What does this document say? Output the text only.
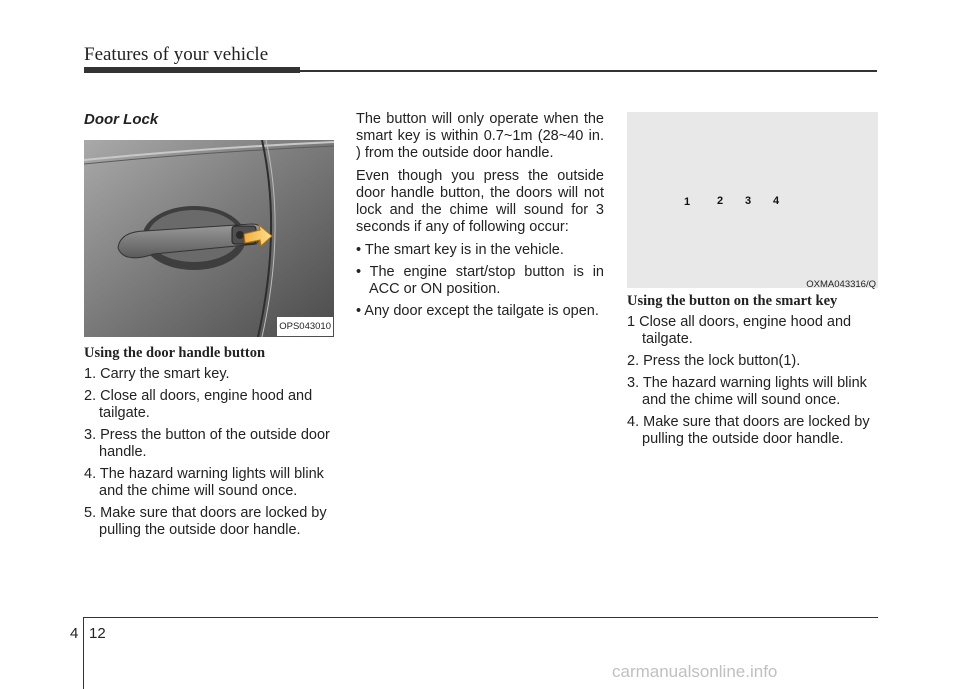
Features of your vehicle
Door Lock
OPS043010
Using the door handle button
1. Carry the smart key.
2. Close all doors, engine hood and tailgate.
3. Press the button of the outside door handle.
4. The hazard warning lights will blink and the chime will sound once.
5. Make sure that doors are locked by pulling the outside door handle.
The button will only operate when the smart key is within 0.7~1m (28~40 in. ) from the outside door handle.
Even though you press the outside door handle button, the doors will not lock and the chime will sound for 3 seconds if any of following occur:
• The smart key is in the vehicle.
• The engine start/stop button is in ACC or ON position.
• Any door except the tailgate is open.
1 2 3 4
OXMA043316/Q
Using the button on the smart key
1 Close all doors, engine hood and tailgate.
2. Press the lock button(1).
3. The hazard warning lights will blink and the chime will sound once.
4. Make sure that doors are locked by pulling the outside door handle.
4 12
carmanualsonline.info
